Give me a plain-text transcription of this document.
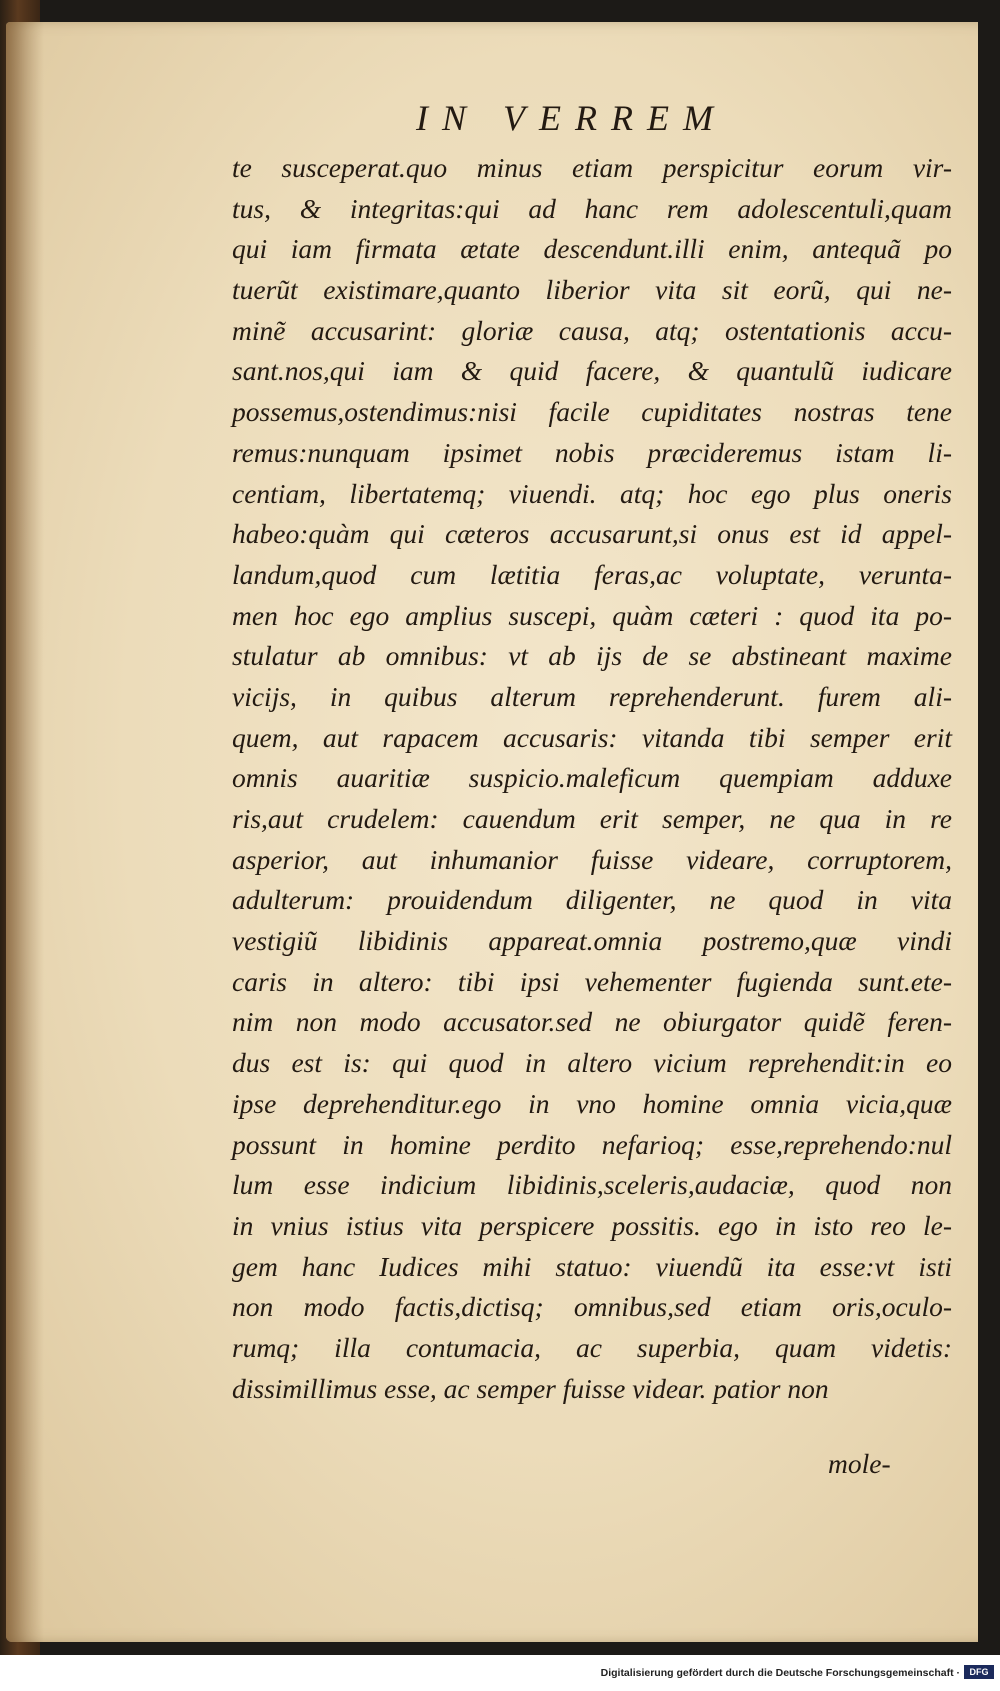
IN VERREM
te susceperat.quo minus etiam perspicitur eorum vir-
tus, & integritas:qui ad hanc rem adolescentuli,quam
qui iam firmata ætate descendunt.illi enim, antequã po
tuerũt existimare,quanto liberior vita sit eorũ, qui ne-
minẽ accusarint: gloriæ causa, atq; ostentationis accu-
sant.nos,qui iam & quid facere, & quantulũ iudicare
possemus,ostendimus:nisi facile cupiditates nostras tene
remus:nunquam ipsimet nobis præcideremus istam li-
centiam, libertatemq; viuendi. atq; hoc ego plus oneris
habeo:quàm qui cæteros accusarunt,si onus est id appel-
landum,quod cum lætitia feras,ac voluptate, veruntа-
men hoc ego amplius suscepi, quàm cæteri : quod ita po-
stulatur ab omnibus: vt ab ijs de se abstineant maxime
vicijs, in quibus alterum reprehenderunt. furem ali-
quem, aut rapacem accusaris: vitanda tibi semper erit
omnis auaritiæ suspicio.maleficum quempiam adduxe
ris,aut crudelem: cauendum erit semper, ne qua in re
asperior, aut inhumanior fuisse videare, corruptorem,
adulterum: prouidendum diligenter, ne quod in vita
vestigiũ libidinis appareat.omnia postremo,quæ vindi
caris in altero: tibi ipsi vehementer fugienda sunt.ete-
nim non modo accusator.sed ne obiurgator quidẽ feren-
dus est is: qui quod in altero vicium reprehendit:in eo
ipse deprehenditur.ego in vno homine omnia vicia,quæ
possunt in homine perdito nefarioq; esse,reprehendo:nul
lum esse indicium libidinis,sceleris,audaciæ, quod non
in vnius istius vita perspicere possitis. ego in isto reo le-
gem hanc Iudices mihi statuo: viuendũ ita esse:vt isti
non modo factis,dictisq; omnibus,sed etiam oris,oculo-
rumq; illa contumacia, ac superbia, quam videtis:
dissimillimus esse, ac semper fuisse videar. patior non
mole-
Digitalisierung gefördert durch die Deutsche Forschungsgemeinschaft ·	DFG
